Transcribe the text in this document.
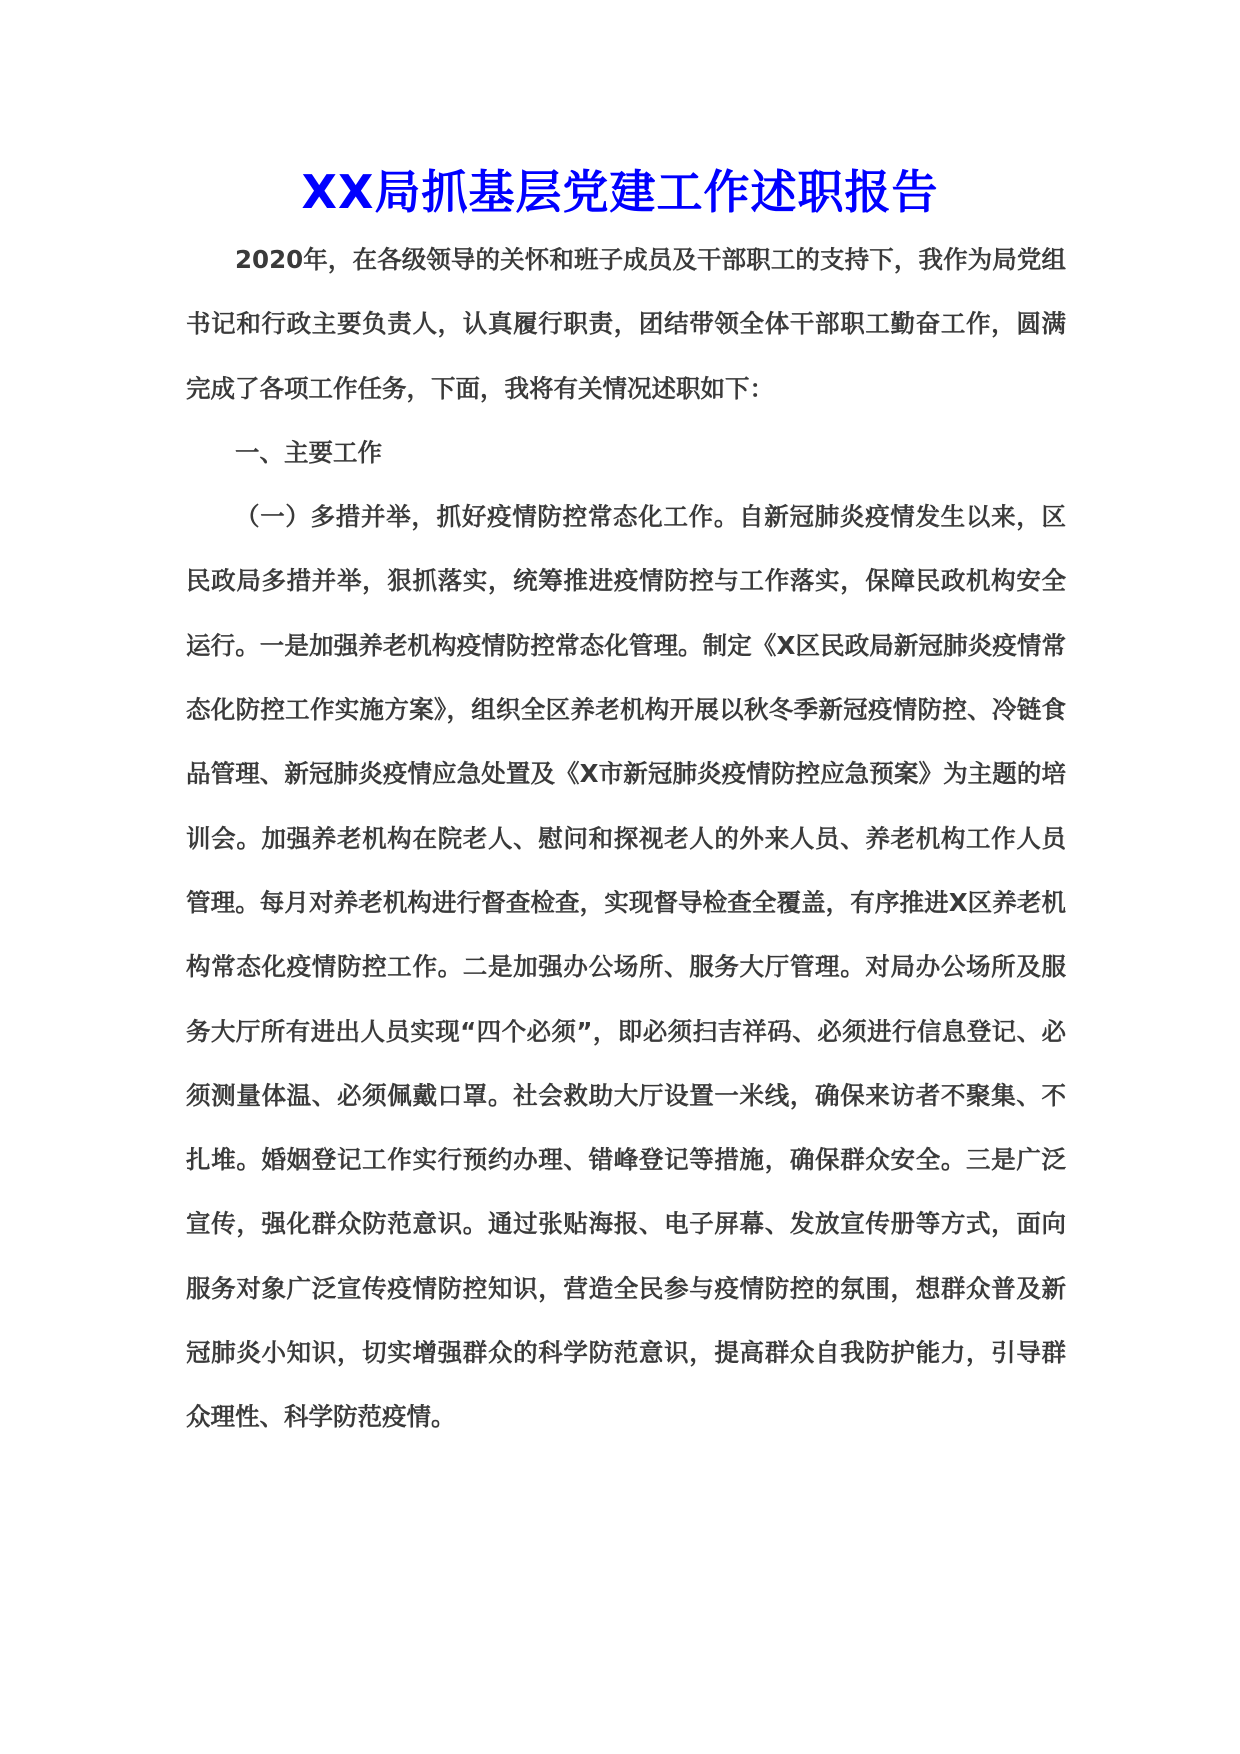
XX局抓基层党建工作述职报告

2020年，在各级领导的关怀和班子成员及干部职工的支持下，我作为局党组书记和行政主要负责人，认真履行职责，团结带领全体干部职工勤奋工作，圆满完成了各项工作任务，下面，我将有关情况述职如下：

一、主要工作

（一）多措并举，抓好疫情防控常态化工作。自新冠肺炎疫情发生以来，区民政局多措并举，狠抓落实，统筹推进疫情防控与工作落实，保障民政机构安全运行。一是加强养老机构疫情防控常态化管理。制定《X区民政局新冠肺炎疫情常态化防控工作实施方案》，组织全区养老机构开展以秋冬季新冠疫情防控、冷链食品管理、新冠肺炎疫情应急处置及《X市新冠肺炎疫情防控应急预案》为主题的培训会。加强养老机构在院老人、慰问和探视老人的外来人员、养老机构工作人员管理。每月对养老机构进行督查检查，实现督导检查全覆盖，有序推进X区养老机构常态化疫情防控工作。二是加强办公场所、服务大厅管理。对局办公场所及服务大厅所有进出人员实现“四个必须”，即必须扫吉祥码、必须进行信息登记、必须测量体温、必须佩戴口罩。社会救助大厅设置一米线，确保来访者不聚集、不扎堆。婚姻登记工作实行预约办理、错峰登记等措施，确保群众安全。三是广泛宣传，强化群众防范意识。通过张贴海报、电子屏幕、发放宣传册等方式，面向服务对象广泛宣传疫情防控知识，营造全民参与疫情防控的氛围，想群众普及新冠肺炎小知识，切实增强群众的科学防范意识，提高群众自我防护能力，引导群众理性、科学防范疫情。
